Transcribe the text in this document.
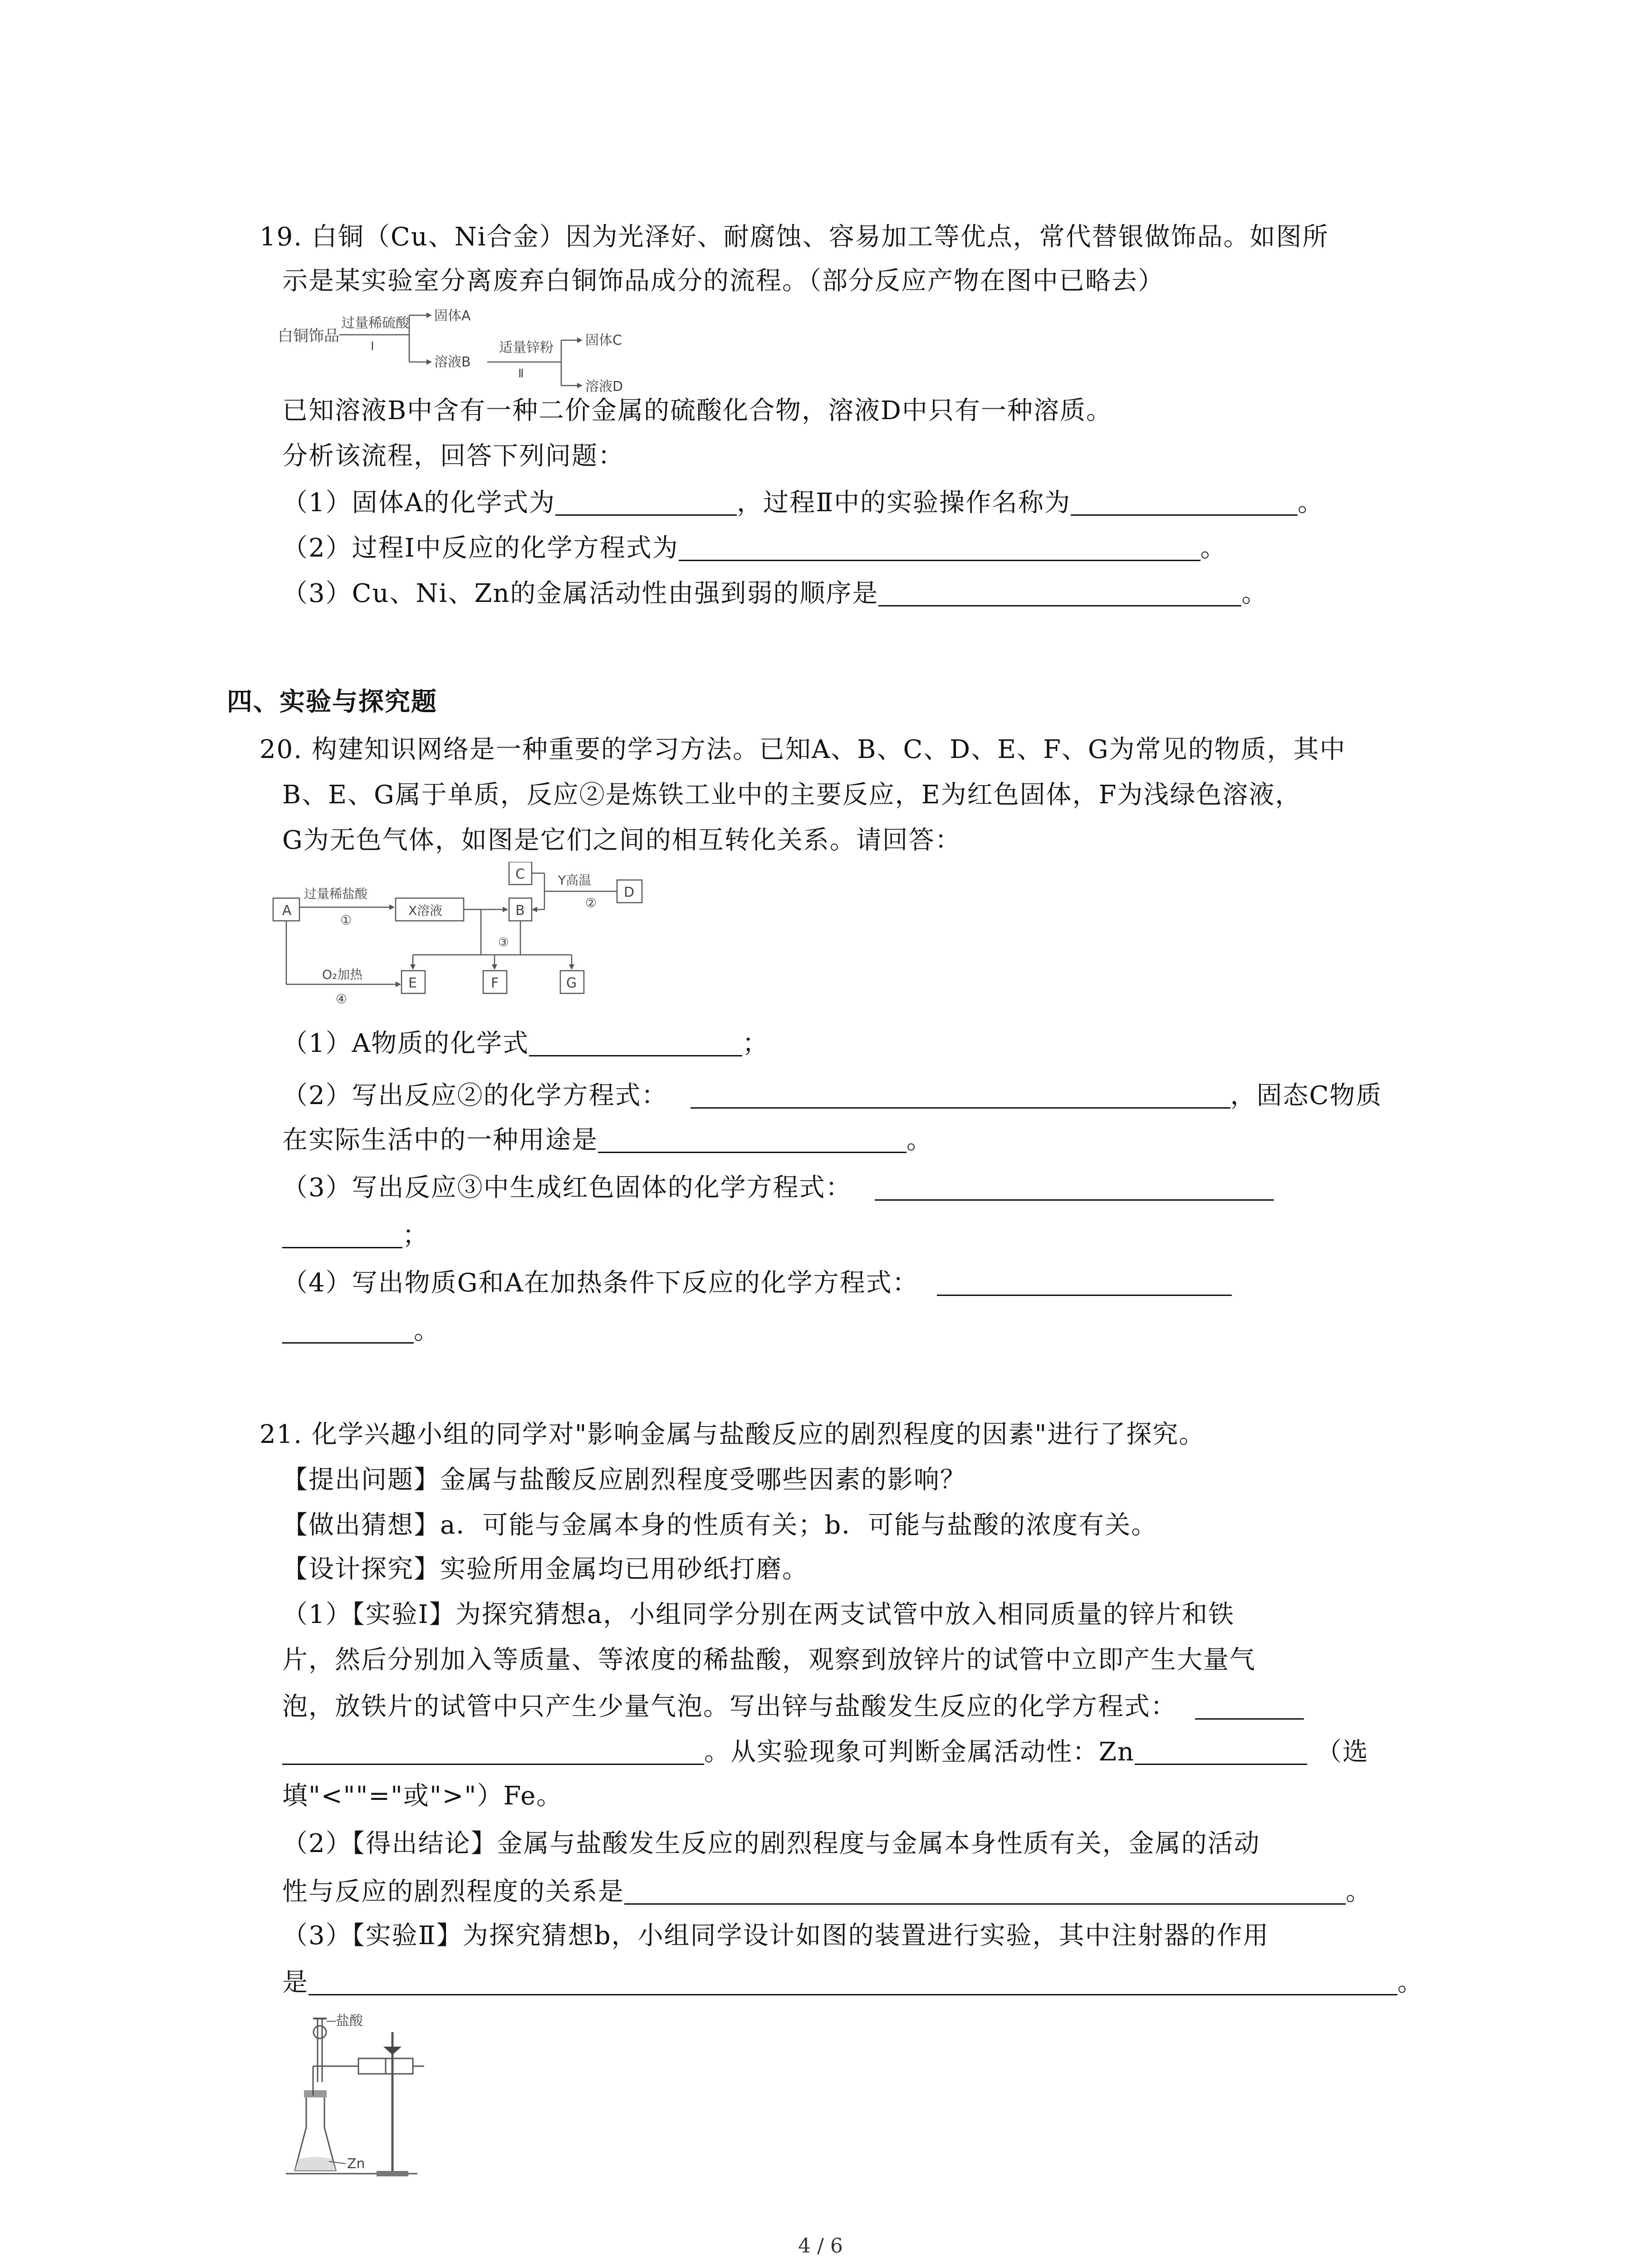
19. 白铜（Cu、Ni合金）因为光泽好、耐腐蚀、容易加工等优点，常代替银做饰品。如图所
示是某实验室分离废弃白铜饰品成分的流程。（部分反应产物在图中已略去）
白铜饰品
过量稀硫酸
Ⅰ
固体A
溶液B
适量锌粉
Ⅱ
固体C
溶液D
已知溶液B中含有一种二价金属的硫酸化合物，溶液D中只有一种溶质。
分析该流程，回答下列问题：
（1）固体A的化学式为	，过程Ⅱ中的实验操作名称为	。
（2）过程Ⅰ中反应的化学方程式为	。
（3）Cu、Ni、Zn的金属活动性由强到弱的顺序是	。
四、实验与探究题
20. 构建知识网络是一种重要的学习方法。已知A、B、C、D、E、F、G为常见的物质，其中
B、E、G属于单质，反应②是炼铁工业中的主要反应，E为红色固体，F为浅绿色溶液，
G为无色气体，如图是它们之间的相互转化关系。请回答：
A
过量稀盐酸
①
X溶液
C
B
D
Y高温
②
③
E	F	G
O₂加热
④
（1）A物质的化学式	；
（2）写出反应②的化学方程式：	，固态C物质
在实际生活中的一种用途是	。
（3）写出反应③中生成红色固体的化学方程式：
；
（4）写出物质G和A在加热条件下反应的化学方程式：
。
21. 化学兴趣小组的同学对"影响金属与盐酸反应的剧烈程度的因素"进行了探究。
【提出问题】金属与盐酸反应剧烈程度受哪些因素的影响？
【做出猜想】a．可能与金属本身的性质有关；b．可能与盐酸的浓度有关。
【设计探究】实验所用金属均已用砂纸打磨。
（1）【实验Ⅰ】为探究猜想a，小组同学分别在两支试管中放入相同质量的锌片和铁
片，然后分别加入等质量、等浓度的稀盐酸，观察到放锌片的试管中立即产生大量气
泡，放铁片的试管中只产生少量气泡。写出锌与盐酸发生反应的化学方程式：
。从实验现象可判断金属活动性：Zn	（选
填"<""="或">"）Fe。
（2）【得出结论】金属与盐酸发生反应的剧烈程度与金属本身性质有关，金属的活动
性与反应的剧烈程度的关系是	。
（3）【实验Ⅱ】为探究猜想b，小组同学设计如图的装置进行实验，其中注射器的作用
是	。
盐酸
Zn
4 / 6
